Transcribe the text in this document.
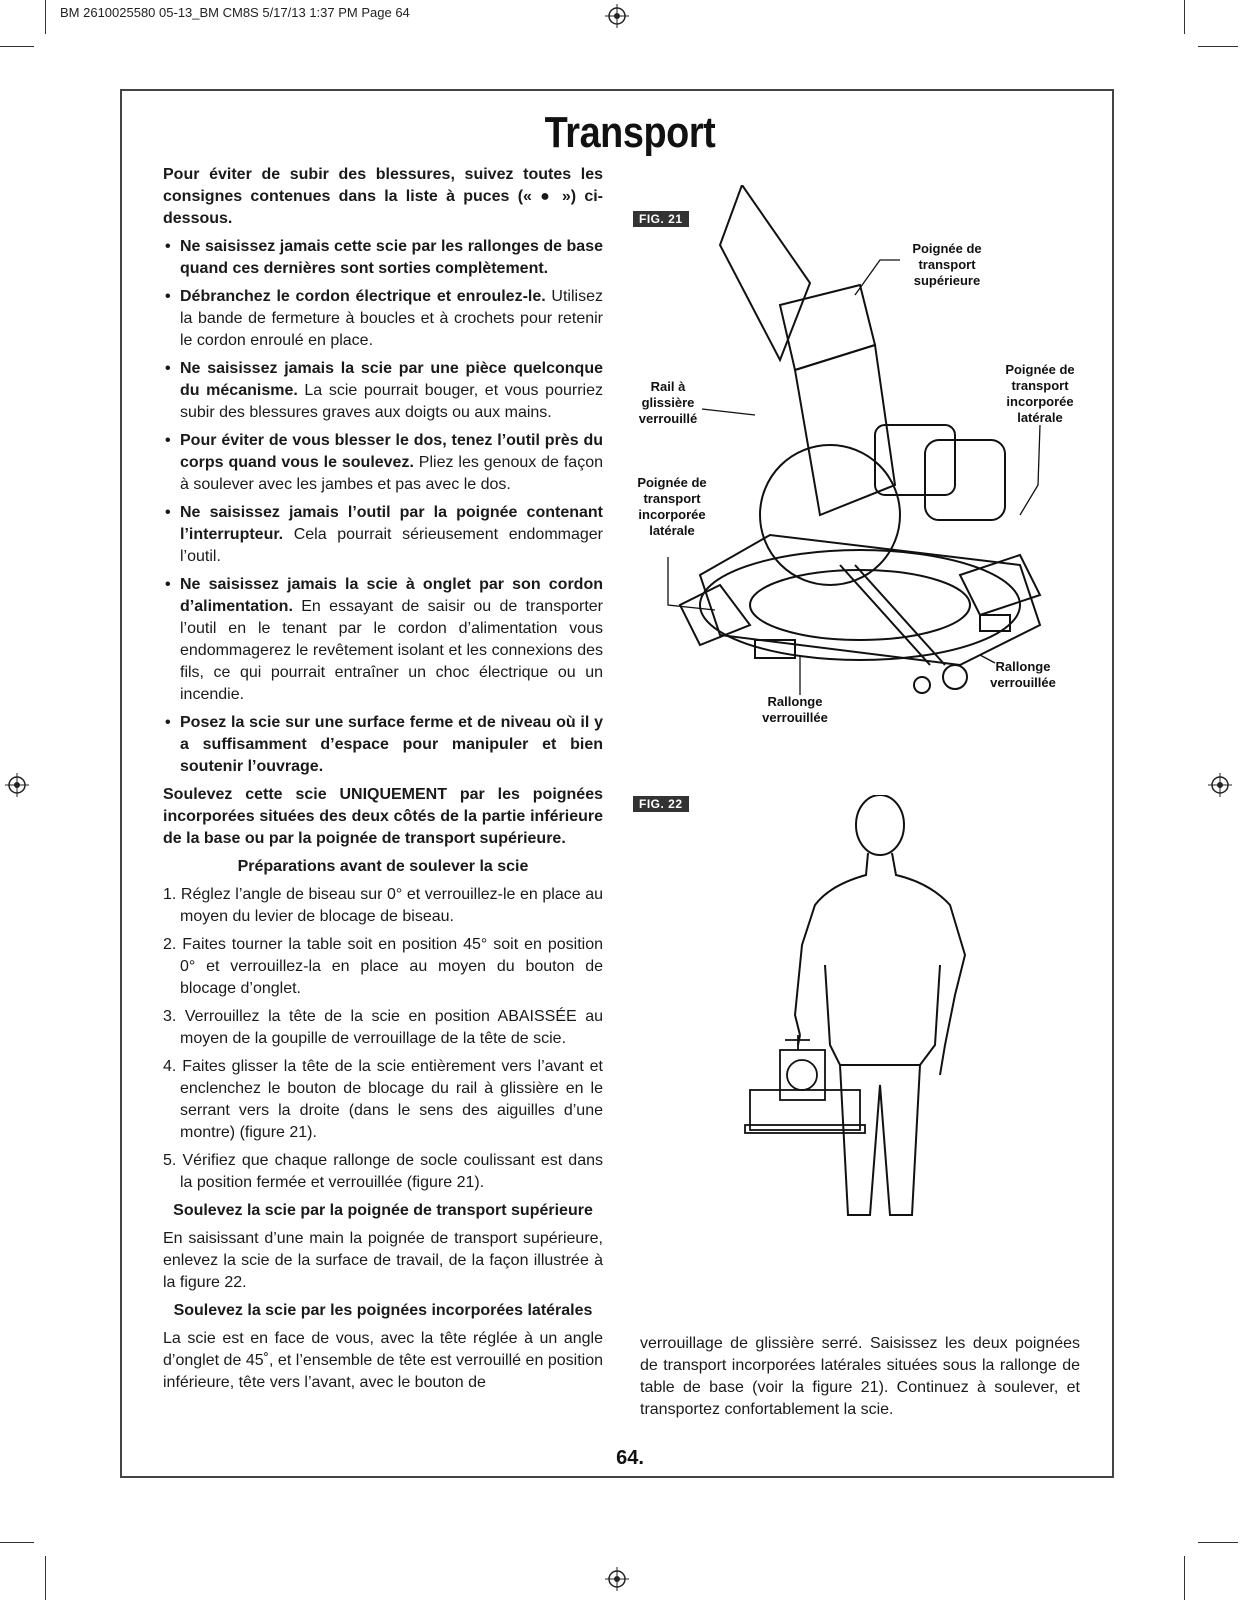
BM 2610025580 05-13_BM CM8S 5/17/13 1:37 PM Page 64
Transport

Pour éviter de subir des blessures, suivez toutes les consignes contenues dans la liste à puces (« ● ») ci-dessous.

• Ne saisissez jamais cette scie par les rallonges de base quand ces dernières sont sorties complètement.
• Débranchez le cordon électrique et enroulez-le. Utilisez la bande de fermeture à boucles et à crochets pour retenir le cordon enroulé en place.
• Ne saisissez jamais la scie par une pièce quelconque du mécanisme. La scie pourrait bouger, et vous pourriez subir des blessures graves aux doigts ou aux mains.
• Pour éviter de vous blesser le dos, tenez l’outil près du corps quand vous le soulevez. Pliez les genoux de façon à soulever avec les jambes et pas avec le dos.
• Ne saisissez jamais l’outil par la poignée contenant l’interrupteur. Cela pourrait sérieusement endommager l’outil.
• Ne saisissez jamais la scie à onglet par son cordon d’alimentation. En essayant de saisir ou de transporter l’outil en le tenant par le cordon d’alimentation vous endommagerez le revêtement isolant et les connexions des fils, ce qui pourrait entraîner un choc électrique ou un incendie.
• Posez la scie sur une surface ferme et de niveau où il y a suffisamment d’espace pour manipuler et bien soutenir l’ouvrage.

Soulevez cette scie UNIQUEMENT par les poignées incorporées situées des deux côtés de la partie inférieure de la base ou par la poignée de transport supérieure.

Préparations avant de soulever la scie
1. Réglez l’angle de biseau sur 0° et verrouillez-le en place au moyen du levier de blocage de biseau.
2. Faites tourner la table soit en position 45° soit en position 0° et verrouillez-la en place au moyen du bouton de blocage d’onglet.
3. Verrouillez la tête de la scie en position ABAISSÉE au moyen de la goupille de verrouillage de la tête de scie.
4. Faites glisser la tête de la scie entièrement vers l’avant et enclenchez le bouton de blocage du rail à glissière en le serrant vers la droite (dans le sens des aiguilles d’une montre) (figure 21).
5. Vérifiez que chaque rallonge de socle coulissant est dans la position fermée et verrouillée (figure 21).
Soulevez la scie par la poignée de transport supérieure

En saisissant d’une main la poignée de transport supérieure, enlevez la scie de la surface de travail, de la façon illustrée à la figure 22.

Soulevez la scie par les poignées incorporées latérales

La scie est en face de vous, avec la tête réglée à un angle d’onglet de 45˚, et l’ensemble de tête est verrouillé en position inférieure, tête vers l’avant, avec le bouton de

FIG. 21
Poignée de transport supérieure
Poignée de transport incorporée latérale
Rail à glissière verrouillé
Poignée de transport incorporée latérale
Rallonge verrouillée
Rallonge verrouillée
FIG. 22

verrouillage de glissière serré. Saisissez les deux poignées de transport incorporées latérales situées sous la rallonge de table de base (voir la figure 21). Continuez à soulever, et transportez confortablement la scie.

64.
